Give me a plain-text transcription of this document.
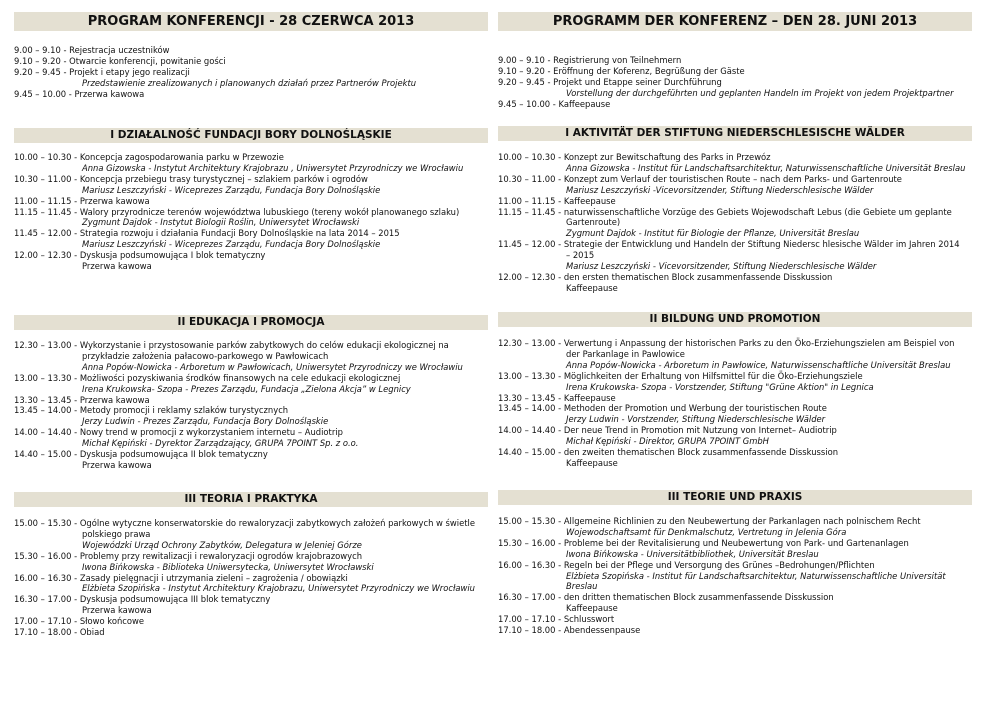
PROGRAM KONFERENCJI - 28 CZERWCA 2013
9.00 – 9.10 - Rejestracja uczestników
9.10 – 9.20 - Otwarcie konferencji, powitanie gości
9.20 – 9.45 - Projekt i etapy jego realizacji
Przedstawienie zrealizowanych i planowanych działań przez Partnerów Projektu
9.45 – 10.00 - Przerwa kawowa
I DZIAŁALNOŚĆ FUNDACJI BORY DOLNOŚLĄSKIE
10.00 – 10.30 - Koncepcja zagospodarowania parku w Przewozie
Anna Gizowska - Instytut Architektury Krajobrazu , Uniwersytet Przyrodniczy we Wrocławiu
10.30 – 11.00 - Koncepcja przebiegu trasy turystycznej – szlakiem parków i ogrodów
Mariusz Leszczyński - Wiceprezes Zarządu, Fundacja Bory Dolnośląskie
11.00 – 11.15 - Przerwa kawowa
11.15 – 11.45 - Walory przyrodnicze terenów województwa lubuskiego (tereny wokół planowanego szlaku)
Zygmunt Dajdok - Instytut Biologii Roślin, Uniwersytet Wrocławski
11.45 – 12.00 - Strategia rozwoju i działania Fundacji Bory Dolnośląskie na lata 2014 – 2015
Mariusz Leszczyński - Wiceprezes Zarządu, Fundacja Bory Dolnośląskie
12.00 – 12.30 - Dyskusja podsumowująca I blok tematyczny
Przerwa kawowa
II EDUKACJA I PROMOCJA
12.30 – 13.00 - Wykorzystanie i przystosowanie parków zabytkowych do celów edukacji ekologicznej na
przykładzie założenia pałacowo-parkowego w Pawłowicach
Anna Popów-Nowicka - Arboretum w Pawłowicach, Uniwersytet Przyrodniczy we Wrocławiu
13.00 – 13.30 - Możliwości pozyskiwania środków finansowych na cele edukacji ekologicznej
Irena Krukowska- Szopa - Prezes Zarządu, Fundacja „Zielona Akcja” w Legnicy
13.30 – 13.45 - Przerwa kawowa
13.45 – 14.00 - Metody promocji i reklamy szlaków turystycznych
Jerzy Ludwin - Prezes Zarządu, Fundacja Bory Dolnośląskie
14.00 – 14.40 - Nowy trend w promocji z wykorzystaniem internetu – Audiotrip
Michał Kępiński - Dyrektor Zarządzający, GRUPA 7POINT Sp. z o.o.
14.40 – 15.00 - Dyskusja podsumowująca II blok tematyczny
Przerwa kawowa
III TEORIA I PRAKTYKA
15.00 – 15.30 - Ogólne wytyczne konserwatorskie do rewaloryzacji zabytkowych założeń parkowych w świetle
polskiego prawa
Wojewódzki Urząd Ochrony Zabytków, Delegatura w Jeleniej Górze
15.30 – 16.00 - Problemy przy rewitalizacji i rewaloryzacji ogrodów krajobrazowych
Iwona Bińkowska - Biblioteka Uniwersytecka, Uniwersytet Wrocławski
16.00 – 16.30 - Zasady pielęgnacji i utrzymania zieleni – zagrożenia / obowiązki
Elżbieta Szopińska - Instytut Architektury Krajobrazu, Uniwersytet Przyrodniczy we Wrocławiu
16.30 – 17.00 - Dyskusja podsumowująca III blok tematyczny
Przerwa kawowa
17.00 – 17.10 - Słowo końcowe
17.10 – 18.00 - Obiad
PROGRAMM DER KONFERENZ – DEN 28. JUNI 2013
9.00 – 9.10 - Registrierung von Teilnehmern
9.10 – 9.20 - Eröffnung der Koferenz, Begrüßung der Gäste
9.20 – 9.45 - Projekt und Etappe seiner Durchführung
Vorstellung der durchgeführten und geplanten Handeln im Projekt von jedem Projektpartner
9.45 – 10.00 - Kaffeepause
I AKTIVITÄT DER STIFTUNG NIEDERSCHLESISCHE WÄLDER
10.00 – 10.30 - Konzept zur Bewitschaftung des Parks in Przewóz
Anna Gizowska - Institut für Landschaftsarchitektur, Naturwissenschaftliche Universität Breslau
10.30 – 11.00 - Konzept zum Verlauf der touristischen Route – nach dem Parks- und Gartenroute
Mariusz Leszczyński -Vicevorsitzender, Stiftung Niederschlesische Wälder
11.00 – 11.15 - Kaffeepause
11.15 – 11.45 - naturwissenschaftliche Vorzüge des Gebiets Wojewodschaft Lebus (die Gebiete um geplante
Gartenroute)
Zygmunt Dajdok - Institut für Biologie der Pflanze, Universität Breslau
11.45 – 12.00 - Strategie der Entwicklung und Handeln der Stiftung Niedersc hlesische Wälder im Jahren 2014
– 2015
Mariusz Leszczyński - Vicevorsitzender, Stiftung Niederschlesische Wälder
12.00 – 12.30 - den ersten thematischen Block zusammenfassende Disskussion
Kaffeepause
II BILDUNG UND PROMOTION
12.30 – 13.00 - Verwertung i Anpassung der historischen Parks zu den Öko-Erziehungszielen am Beispiel von
der Parkanlage in Pawlowice
Anna Popów-Nowicka - Arboretum in Pawłowice, Naturwissenschaftliche Universität Breslau
13.00 – 13.30 - Möglichkeiten der Erhaltung von Hilfsmittel für die Öko-Erziehungsziele
Irena Krukowska- Szopa - Vorstzender, Stiftung "Grüne Aktion" in Legnica
13.30 – 13.45 - Kaffeepause
13.45 – 14.00 - Methoden der Promotion und Werbung der touristischen Route
Jerzy Ludwin - Vorstzender, Stiftung Niederschlesische Wälder
14.00 – 14.40 - Der neue Trend in Promotion mit Nutzung von Internet– Audiotrip
Michał Kępiński - Direktor, GRUPA 7POINT GmbH
14.40 – 15.00 - den zweiten thematischen Block zusammenfassende Disskussion
Kaffeepause
III TEORIE UND PRAXIS
15.00 – 15.30 - Allgemeine Richlinien zu den Neubewertung der Parkanlagen nach polnischem Recht
Wojewodschaftsamt für Denkmalschutz, Vertretung in Jelenia Góra
15.30 – 16.00 - Probleme bei der Revitalisierung und Neubewertung von Park- und Gartenanlagen
Iwona Bińkowska - Universitätbibliothek, Universität Breslau
16.00 – 16.30 - Regeln bei der Pflege und Versorgung des Grünes –Bedrohungen/Pflichten
Elżbieta Szopińska - Institut für Landschaftsarchitektur, Naturwissenschaftliche Universität
Breslau
16.30 – 17.00 - den dritten thematischen Block zusammenfassende Disskussion
Kaffeepause
17.00 – 17.10 - Schlusswort
17.10 – 18.00 - Abendessenpause
